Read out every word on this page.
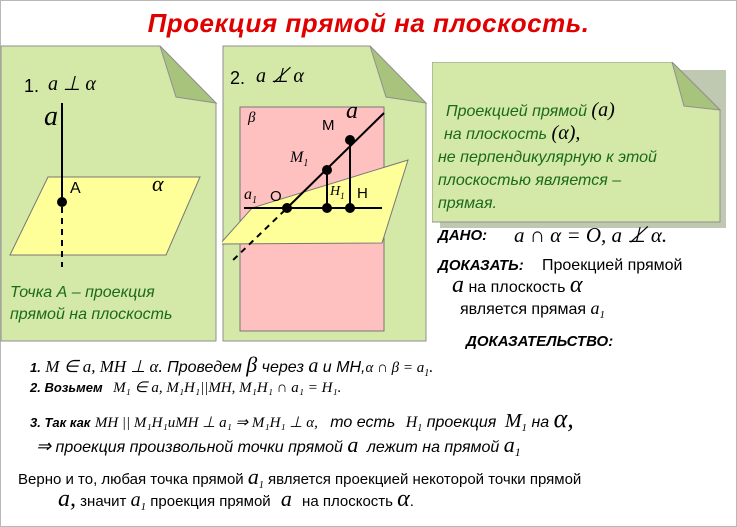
Проекция прямой на плоскость.
1. a ⊥ α
a
A	α
Точка А – проекция
прямой на плоскость
2. a ⊥̸ α
β	M
a
$M_1$
$a_1$ O	$H_1$ H
Проекцией прямой (a)
на плоскость (α),
не перпендикулярную к этой
плоскостью является –
прямая.
ДАНО: a ∩ α = O, a ⊥̸ α.
ДОКАЗАТЬ: Проекцией прямой
a на плоскость α
является прямая $a_1$
ДОКАЗАТЕЛЬСТВО:
1. M ∈ a, MH ⊥ α. Проведем β через a и МН,α ∩ $\beta = a_1$.
2. Возьмем M₁ ∈ a, M₁H₁||MH, M₁H₁ ∩ a₁ = H₁.
3. Так как MH || M₁H₁uMH ⊥ a₁ ⇒ M₁H₁ ⊥ α, то есть $H_1$ проекция $M_1$ на α,
⇒ проекция произвольной точки прямой a лежит на прямой $a_1$
Верно и то, любая точка прямой $a_1$ является проекцией некоторой точки прямой
a, значит $a_1$ проекция прямой a на плоскость α.
